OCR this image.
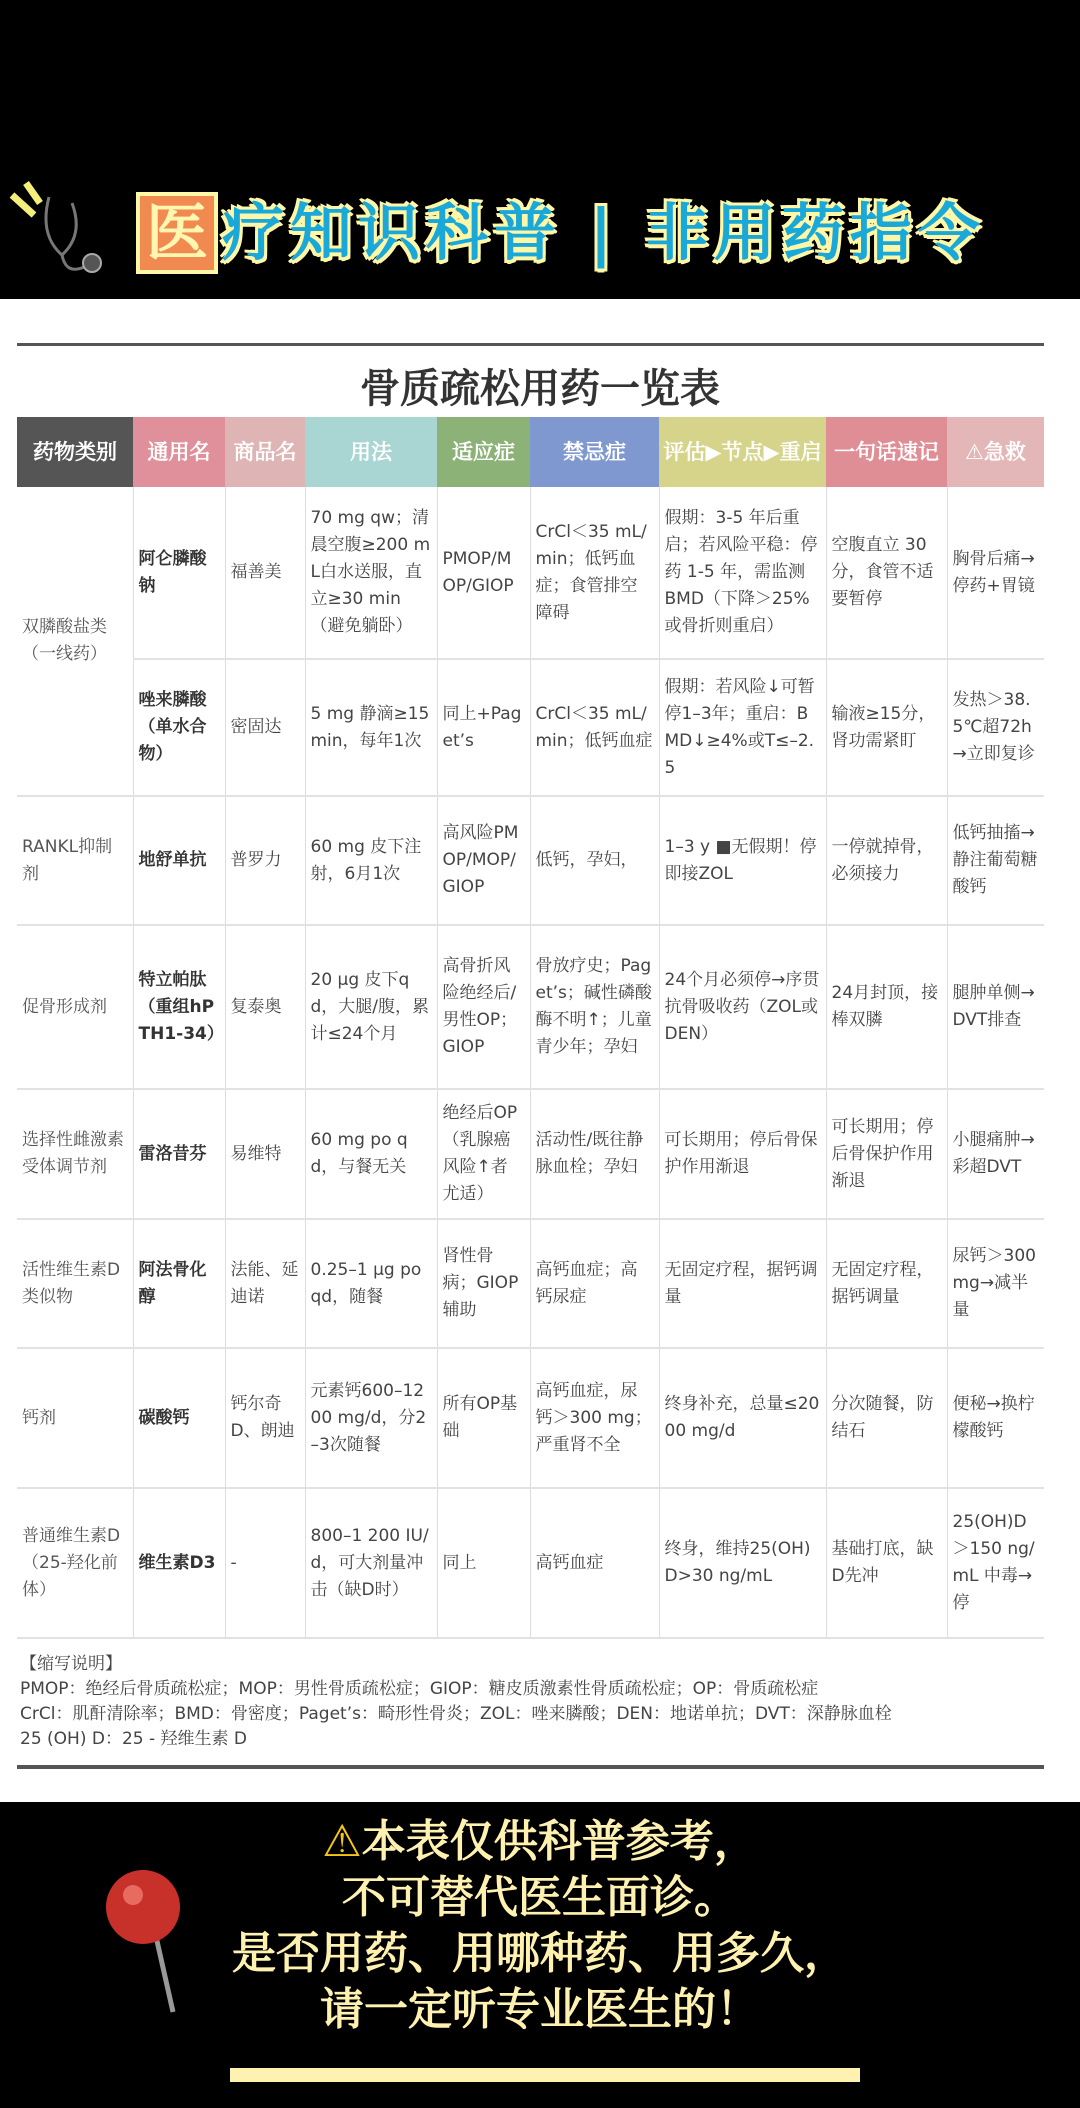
医 疗知识科普 | 非用药指令
骨质疏松用药一览表
药物类别	通用名	商品名	用法	适应症	禁忌症	评估▶节点▶重启	一句话速记	⚠急救
双膦酸盐类（一线药）	阿仑膦酸钠	福善美	70 mg qw；清晨空腹≥200 mL白水送服，直立≥30 min（避免躺卧）	PMOP/MOP/GIOP	CrCl＜35 mL/min；低钙血症；食管排空障碍	假期：3-5 年后重启；若风险平稳：停药 1-5 年，需监测 BMD（下降＞25% 或骨折则重启）	空腹直立 30 分，食管不适要暂停	胸骨后痛→停药+胃镜
	唑来膦酸（单水合物）	密固达	5 mg 静滴≥15 min，每年1次	同上+Paget’s	CrCl＜35 mL/min；低钙血症	假期：若风险↓可暂停1–3年；重启：BMD↓≥4%或T≤–2.5	输液≥15分，肾功需紧盯	发热＞38.5℃超72h→立即复诊
RANKL抑制剂	地舒单抗	普罗力	60 mg 皮下注射，6月1次	高风险PMOP/MOP/GIOP	低钙，孕妇，	1–3 y ■无假期！停即接ZOL	一停就掉骨，必须接力	低钙抽搐→静注葡萄糖酸钙
促骨形成剂	特立帕肽（重组hPTH1-34）	复泰奥	20 μg 皮下qd，大腿/腹，累计≤24个月	高骨折风险绝经后/男性OP；GIOP	骨放疗史；Paget’s；碱性磷酸酶不明↑；儿童青少年；孕妇	24个月必须停→序贯抗骨吸收药（ZOL或DEN）	24月封顶，接棒双膦	腿肿单侧→DVT排查
选择性雌激素受体调节剂	雷洛昔芬	易维特	60 mg po qd，与餐无关	绝经后OP（乳腺癌风险↑者尤适）	活动性/既往静脉血栓；孕妇	可长期用；停后骨保护作用渐退	可长期用；停后骨保护作用渐退	小腿痛肿→彩超DVT
活性维生素D 类似物	阿法骨化醇	法能、延迪诺	0.25–1 μg po qd，随餐	肾性骨病；GIOP辅助	高钙血症；高钙尿症	无固定疗程，据钙调量	无固定疗程，据钙调量	尿钙＞300 mg→减半量
钙剂	碳酸钙	钙尔奇D、朗迪	元素钙600–1200 mg/d，分2–3次随餐	所有OP基础	高钙血症，尿钙＞300 mg；严重肾不全	终身补充，总量≤2000 mg/d	分次随餐，防结石	便秘→换柠檬酸钙
普通维生素D（25-羟化前体）	维生素D3	-	800–1 200 IU/d，可大剂量冲击（缺D时）	同上	高钙血症	终身，维持25(OH)D>30 ng/mL	基础打底，缺D先冲	25(OH)D＞150 ng/mL 中毒→停
【缩写说明】
PMOP：绝经后骨质疏松症；MOP：男性骨质疏松症；GIOP：糖皮质激素性骨质疏松症；OP：骨质疏松症
CrCl：肌酐清除率；BMD：骨密度；Paget’s：畸形性骨炎；ZOL：唑来膦酸；DEN：地诺单抗；DVT：深静脉血栓
25 (OH) D：25 - 羟维生素 D
⚠本表仅供科普参考，
不可替代医生面诊。
是否用药、用哪种药、用多久，
请一定听专业医生的！
